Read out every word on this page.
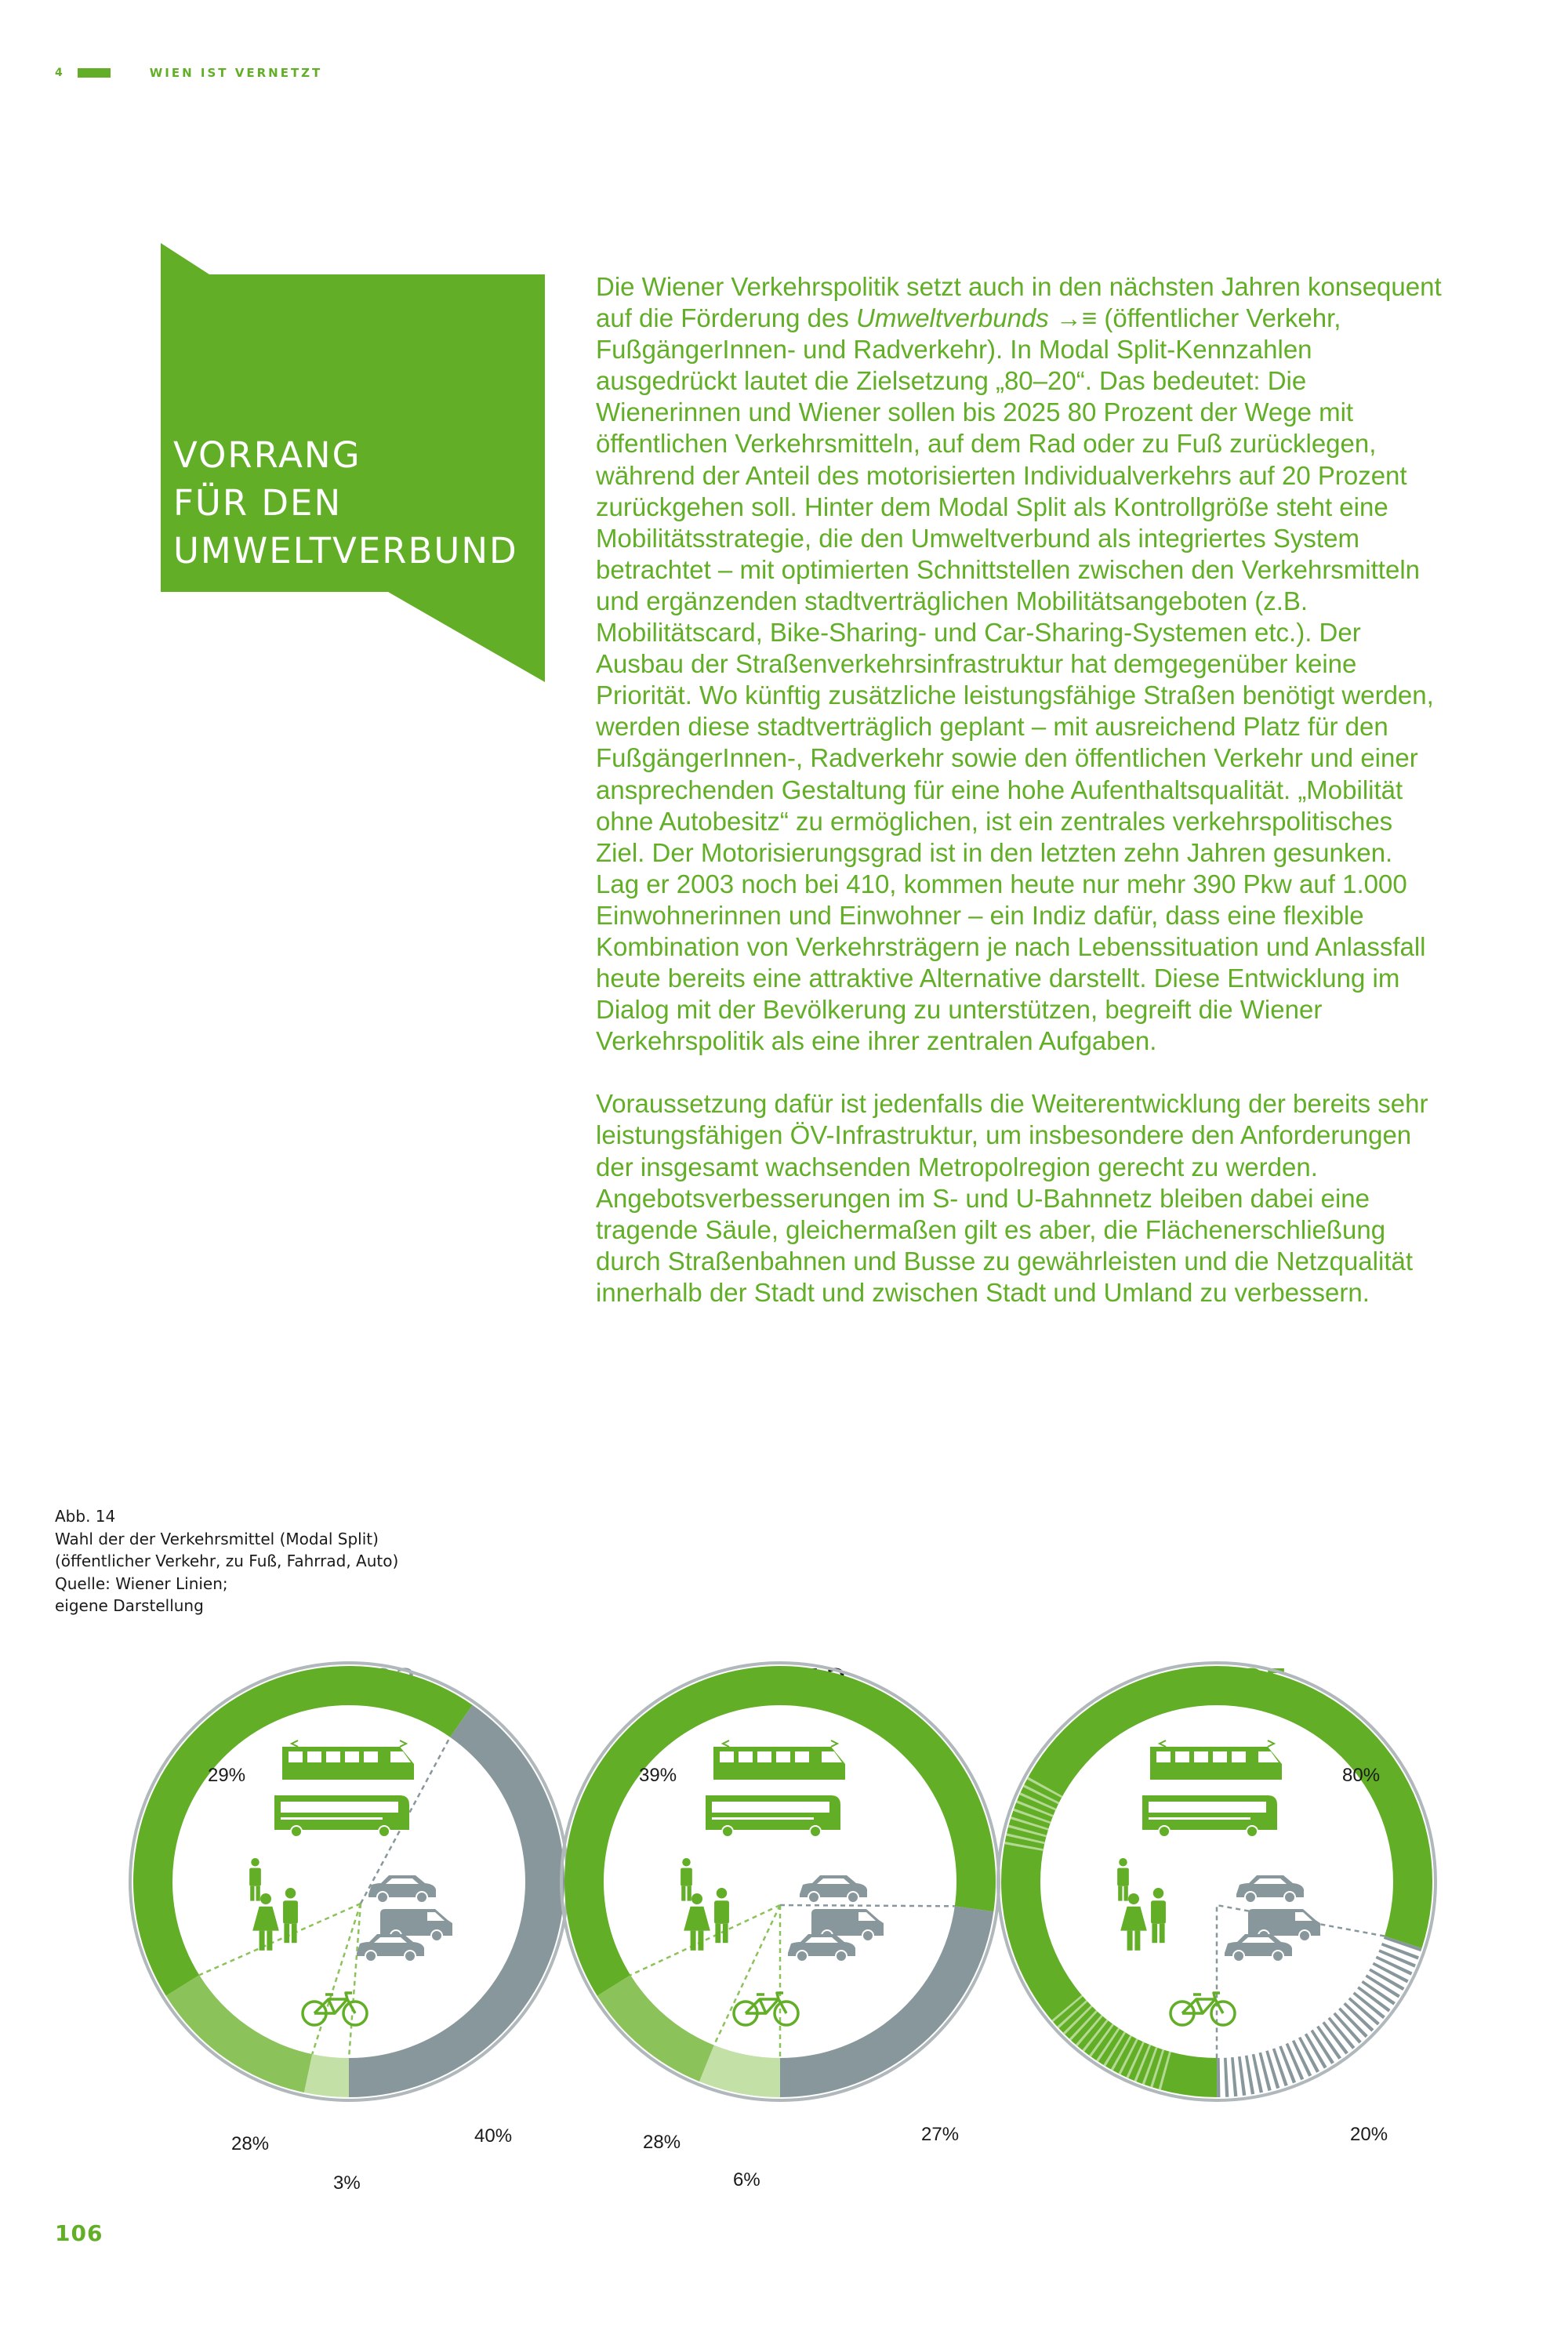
4	WIEN IST VERNETZT
VORRANG
FÜR DEN
UMWELTVERBUND

Die Wiener Verkehrspolitik setzt auch in den nächsten Jahren konsequent auf die Förderung des Umweltverbunds →≡ (öffentlicher Verkehr, FußgängerInnen- und Radverkehr). In Modal Split-Kennzahlen ausgedrückt lautet die Zielsetzung „80–20“. Das bedeutet: Die Wienerinnen und Wiener sollen bis 2025 80 Prozent der Wege mit öffentlichen Verkehrsmitteln, auf dem Rad oder zu Fuß zurücklegen, während der Anteil des motorisierten Individualverkehrs auf 20 Prozent zurückgehen soll. Hinter dem Modal Split als Kontrollgröße steht eine Mobilitätsstrategie, die den Umweltverbund als integriertes System betrachtet – mit optimierten Schnittstellen zwischen den Verkehrsmitteln und ergänzenden stadtverträglichen Mobilitätsangeboten (z.B. Mobilitätscard, Bike-Sharing- und Car-Sharing-Systemen etc.). Der Ausbau der Straßenverkehrsinfrastruktur hat demgegenüber keine Priorität. Wo künftig zusätzliche leistungsfähige Straßen benötigt werden, werden diese stadtverträglich geplant – mit ausreichend Platz für den FußgängerInnen-, Radverkehr sowie den öffentlichen Verkehr und einer ansprechenden Gestaltung für eine hohe Aufenthaltsqualität. „Mobilität ohne Autobesitz“ zu ermöglichen, ist ein zentrales verkehrspolitisches Ziel. Der Motorisierungsgrad ist in den letzten zehn Jahren gesunken. Lag er 2003 noch bei 410, kommen heute nur mehr 390 Pkw auf 1.000 Einwohnerinnen und Einwohner – ein Indiz dafür, dass eine flexible Kombination von Verkehrsträgern je nach Lebenssituation und Anlassfall heute bereits eine attraktive Alternative darstellt. Diese Entwicklung im Dialog mit der Bevölkerung zu unterstützen, begreift die Wiener Verkehrspolitik als eine ihrer zentralen Aufgaben.

Voraussetzung dafür ist jedenfalls die Weiterentwicklung der bereits sehr leistungsfähigen ÖV-Infrastruktur, um insbesondere den Anforderungen der insgesamt wachsenden Metropolregion gerecht zu werden. Angebotsverbesserungen im S- und U-Bahnnetz bleiben dabei eine tragende Säule, gleichermaßen gilt es aber, die Flächenerschließung durch Straßenbahnen und Busse zu gewährleisten und die Netzqualität innerhalb der Stadt und zwischen Stadt und Umland zu verbessern.

Abb. 14
Wahl der der Verkehrsmittel (Modal Split)
(öffentlicher Verkehr, zu Fuß, Fahrrad, Auto)
Quelle: Wiener Linien;
eigene Darstellung
29%
28%
3%
40%
39%
28%
6%
27%
80%
20%
106
